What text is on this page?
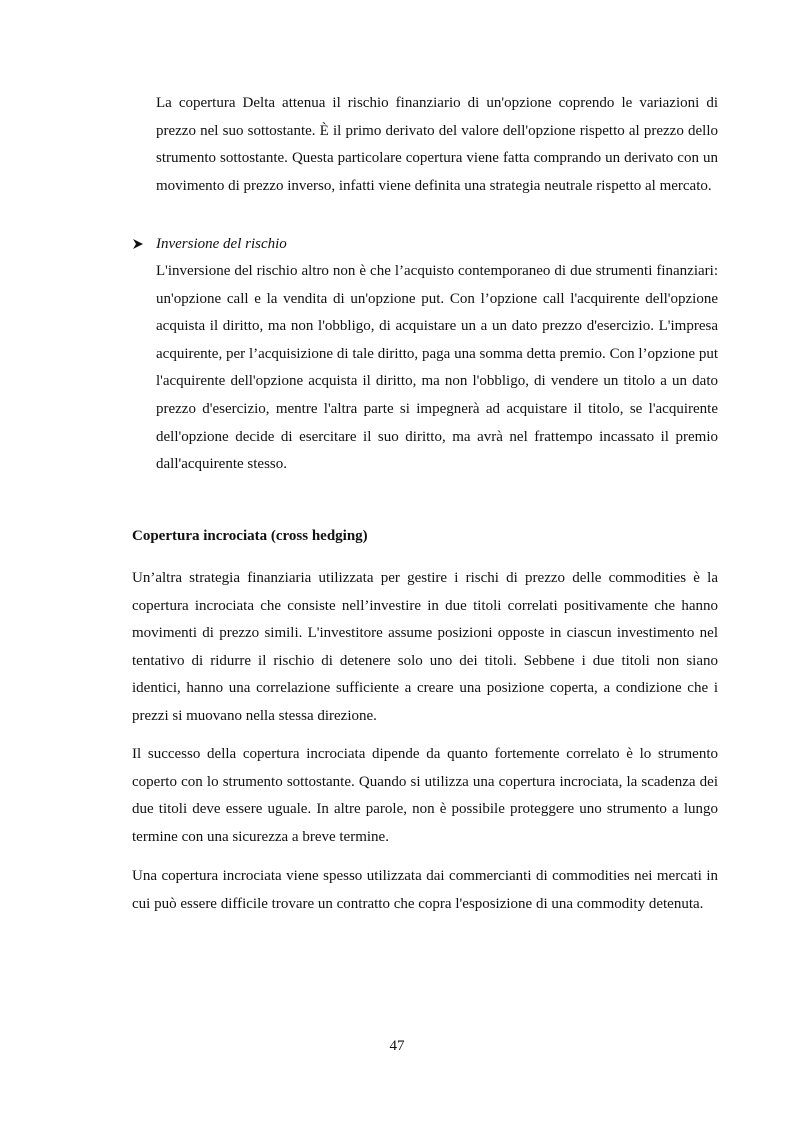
La copertura Delta attenua il rischio finanziario di un'opzione coprendo le variazioni di prezzo nel suo sottostante. È il primo derivato del valore dell'opzione rispetto al prezzo dello strumento sottostante. Questa particolare copertura viene fatta comprando un derivato con un movimento di prezzo inverso, infatti viene definita una strategia neutrale rispetto al mercato.

Inversione del rischio

L'inversione del rischio altro non è che l’acquisto contemporaneo di due strumenti finanziari: un'opzione call e la vendita di un'opzione put. Con l’opzione call l'acquirente dell'opzione acquista il diritto, ma non l'obbligo, di acquistare un a un dato prezzo d'esercizio. L'impresa acquirente, per l’acquisizione di tale diritto, paga una somma detta premio. Con l’opzione put l'acquirente dell'opzione acquista il diritto, ma non l'obbligo, di vendere un titolo a un dato prezzo d'esercizio, mentre l'altra parte si impegnerà ad acquistare il titolo, se l'acquirente dell'opzione decide di esercitare il suo diritto, ma avrà nel frattempo incassato il premio dall'acquirente stesso.

Copertura incrociata (cross hedging)

Un’altra strategia finanziaria utilizzata per gestire i rischi di prezzo delle commodities è la copertura incrociata che consiste nell’investire in due titoli correlati positivamente che hanno movimenti di prezzo simili. L'investitore assume posizioni opposte in ciascun investimento nel tentativo di ridurre il rischio di detenere solo uno dei titoli. Sebbene i due titoli non siano identici, hanno una correlazione sufficiente a creare una posizione coperta, a condizione che i prezzi si muovano nella stessa direzione.

Il successo della copertura incrociata dipende da quanto fortemente correlato è lo strumento coperto con lo strumento sottostante. Quando si utilizza una copertura incrociata, la scadenza dei due titoli deve essere uguale. In altre parole, non è possibile proteggere uno strumento a lungo termine con una sicurezza a breve termine.

Una copertura incrociata viene spesso utilizzata dai commercianti di commodities nei mercati in cui può essere difficile trovare un contratto che copra l'esposizione di una commodity detenuta.

47
